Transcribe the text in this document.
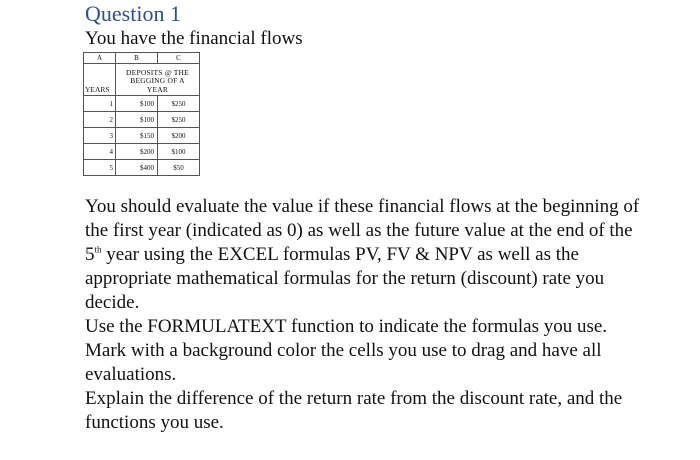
Question 1

You have the financial flows

A	B	C
YEARS	DEPOSITS @ THE BEGGING OF A YEAR	
1	$100	$250
2	$100	$250
3	$150	$200
4	$200	$100
5	$400	$50

You should evaluate the value if these financial flows at the beginning of the first year (indicated as 0) as well as the future value at the end of the 5th year using the EXCEL formulas PV, FV & NPV as well as the appropriate mathematical formulas for the return (discount) rate you decide.

Use the FORMULATEXT function to indicate the formulas you use.

Mark with a background color the cells you use to drag and have all evaluations.

Explain the difference of the return rate from the discount rate, and the functions you use.
